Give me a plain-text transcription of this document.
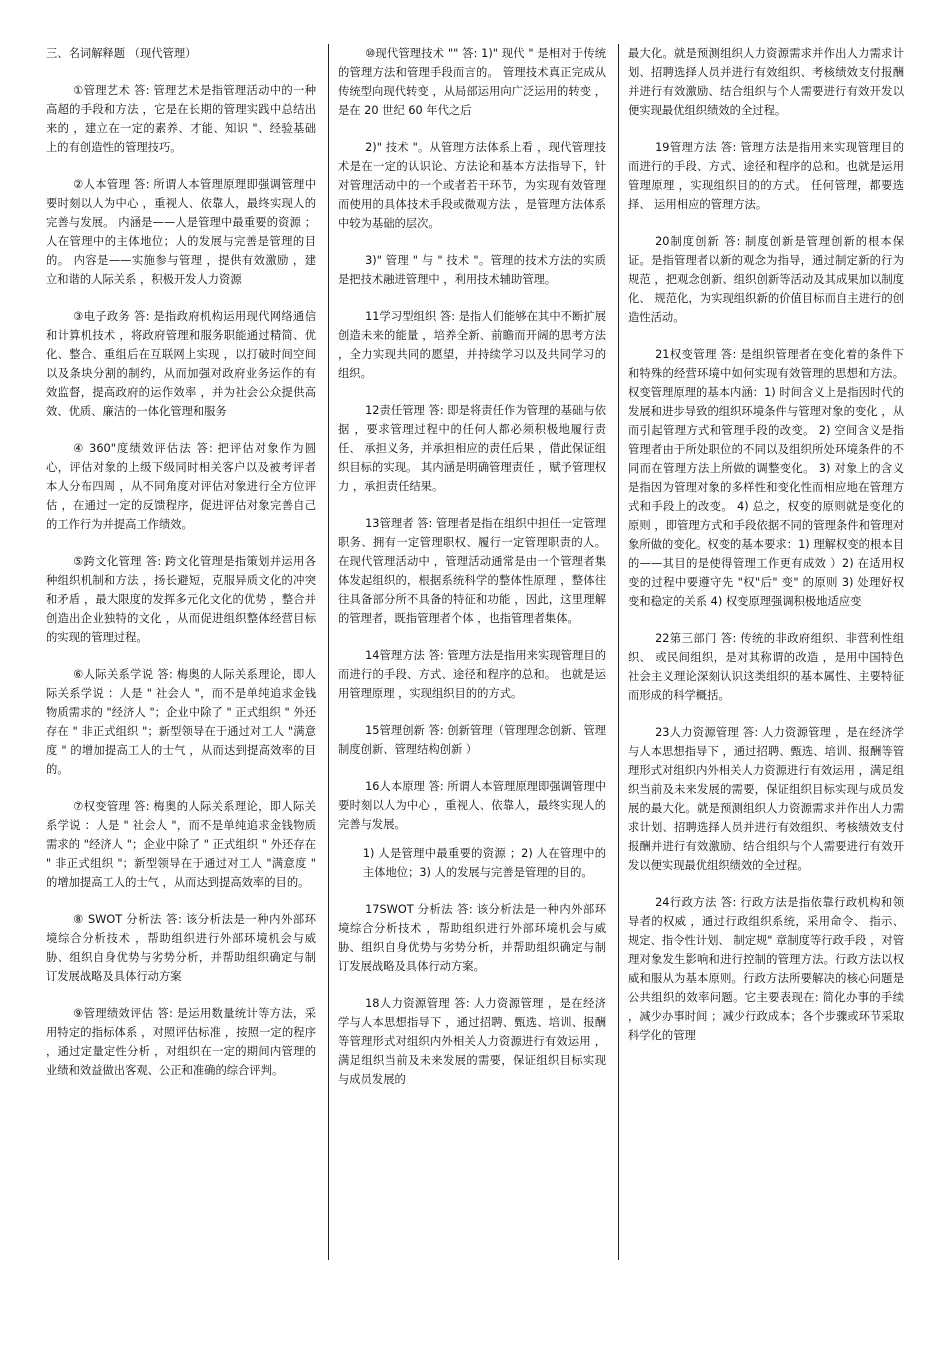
三、名词解释题 （现代管理）

①管理艺术 答: 管理艺术是指管理活动中的一种高超的手段和方法 ，它是在长期的管理实践中总结出来的 ，建立在一定的素养、才能、知识 "、经验基础上的有创造性的管理技巧。

②人本管理 答: 所谓人本管理原理即强调管理中要时刻以人为中心 ，重视人、依靠人，最终实现人的完善与发展。 内涵是——人是管理中最重要的资源 ；人在管理中的主体地位；人的发展与完善是管理的目的。 内容是——实施参与管理 ，提供有效激励 ，建立和谐的人际关系 ，积极开发人力资源

③电子政务 答: 是指政府机构运用现代网络通信和计算机技术 ，将政府管理和服务职能通过精简、优化、整合、重组后在互联网上实现 ，以打破时间空间以及条块分割的制约，从而加强对政府业务运作的有效监督，提高政府的运作效率 ，并为社会公众提供高效、优质、廉洁的一体化管理和服务

④ 360"度绩效评估法 答: 把评估对象作为圆心，评估对象的上级下级同时相关客户以及被考评者本人分布四周 ，从不同角度对评估对象进行全方位评估 ，在通过一定的反馈程序，促进评估对象完善自己的工作行为并提高工作绩效。

⑤跨文化管理 答: 跨文化管理是指策划并运用各种组织机制和方法 ，扬长避短，克服异质文化的冲突和矛盾 ，最大限度的发挥多元化文化的优势 ，整合并创造出企业独特的文化 ，从而促进组织整体经营目标的实现的管理过程。

⑥人际关系学说 答: 梅奥的人际关系理论，即人际关系学说 ：人是 " 社会人 "，而不是单纯追求金钱物质需求的 "经济人 "；企业中除了 " 正式组织 " 外还存在 " 非正式组织 "；新型领导在于通过对工人 "满意度 " 的增加提高工人的士气 ，从而达到提高效率的目的。

⑦权变管理 答: 梅奥的人际关系理论，即人际关系学说 ：人是 " 社会人 "，而不是单纯追求金钱物质需求的 "经济人 "；企业中除了 " 正式组织 " 外还存在 " 非正式组织 "；新型领导在于通过对工人 "满意度 " 的增加提高工人的士气 ，从而达到提高效率的目的。

⑧ SWOT 分析法 答: 该分析法是一种内外部环境综合分析技术 ，帮助组织进行外部环境机会与威胁、组织自身优势与劣势分析，并帮助组织确定与制订发展战略及具体行动方案

⑨管理绩效评估 答: 是运用数量统计等方法，采用特定的指标体系 ，对照评估标准 ，按照一定的程序 ，通过定量定性分析 ，对组织在一定的期间内管理的业绩和效益做出客观、公正和准确的综合评判。

⑩现代管理技术 "" 答: 1)" 现代 " 是相对于传统的管理方法和管理手段而言的。 管理技术真正完成从传统型向现代转变 ，从局部运用向广泛运用的转变 ，是在 20 世纪 60 年代之后

2)" 技术 "。从管理方法体系上看 ，现代管理技术是在一定的认识论、方法论和基本方法指导下，针对管理活动中的一个或者若干环节，为实现有效管理而使用的具体技术手段或微观方法 ，是管理方法体系中较为基础的层次。

3)" 管理 " 与 " 技术 "。管理的技术方法的实质是把技术融进管理中 ，利用技术辅助管理。

11学习型组织 答: 是指人们能够在其中不断扩展创造未来的能量 ，培养全新、前瞻而开阔的思考方法 ，全力实现共同的愿望，并持续学习以及共同学习的组织。

12责任管理 答: 即是将责任作为管理的基础与依据 ，要求管理过程中的任何人都必须积极地履行责任、 承担义务，并承担相应的责任后果 ，借此保证组织目标的实现。 其内涵是明确管理责任 ，赋予管理权力 ，承担责任结果。

13管理者 答: 管理者是指在组织中担任一定管理职务、拥有一定管理职权、履行一定管理职责的人。 在现代管理活动中 ，管理活动通常是由一个管理者集体发起组织的，根据系统科学的整体性原理 ，整体往往具备部分所不具备的特征和功能 ，因此，这里理解的管理者，既指管理者个体 ，也指管理者集体。

14管理方法 答: 管理方法是指用来实现管理目的而进行的手段、方式、途径和程序的总和。 也就是运用管理原理 ，实现组织目的的方式。

15管理创新 答: 创新管理（管理理念创新、管理制度创新、管理结构创新 ）

16人本原理 答: 所谓人本管理原理即强调管理中要时刻以人为中心 ，重视人、依靠人，最终实现人的完善与发展。

1) 人是管理中最重要的资源 ；2) 人在管理中的主体地位；3) 人的发展与完善是管理的目的。

17SWOT 分析法 答: 该分析法是一种内外部环境综合分析技术 ，帮助组织进行外部环境机会与威胁、组织自身优势与劣势分析，并帮助组织确定与制订发展战略及具体行动方案。

18人力资源管理 答: 人力资源管理 ，是在经济学与人本思想指导下 ，通过招聘、甄选、培训、报酬等管理形式对组织内外相关人力资源进行有效运用 ，满足组织当前及未来发展的需要，保证组织目标实现与成员发展的

最大化。就是预测组织人力资源需求并作出人力需求计划、招聘选择人员并进行有效组织、考核绩效支付报酬并进行有效激励、结合组织与个人需要进行有效开发以便实现最优组织绩效的全过程。

19管理方法 答: 管理方法是指用来实现管理目的而进行的手段、方式、途径和程序的总和。也就是运用管理原理 ，实现组织目的的方式。 任何管理，都要选择、 运用相应的管理方法。

20制度创新 答: 制度创新是管理创新的根本保证。是指管理者以新的观念为指导，通过制定新的行为规范 ，把观念创新、组织创新等活动及其成果加以制度化、 规范化，为实现组织新的价值目标而自主进行的创造性活动。

21权变管理 答: 是组织管理者在变化着的条件下和特殊的经营环境中如何实现有效管理的思想和方法。权变管理原理的基本内涵：1) 时间含义上是指因时代的发展和进步导致的组织环境条件与管理对象的变化 ，从而引起管理方式和管理手段的改变。 2) 空间含义是指管理者由于所处职位的不同以及组织所处环境条件的不同而在管理方法上所做的调整变化。 3) 对象上的含义是指因为管理对象的多样性和变化性而相应地在管理方式和手段上的改变。 4) 总之，权变的原则就是变化的原则 ，即管理方式和手段依据不同的管理条件和管理对象所做的变化。权变的基本要求：1) 理解权变的根本目的——其目的是使得管理工作更有成效 ）2) 在适用权变的过程中要遵守先 "权"后" 变" 的原则 3) 处理好权变和稳定的关系 4) 权变原理强调积极地适应变

22第三部门 答: 传统的非政府组织、非营利性组织、 或民间组织，是对其称谓的改造 ，是用中国特色社会主义理论深刻认识这类组织的基本属性、主要特征而形成的科学概括。

23人力资源管理 答: 人力资源管理 ，是在经济学与人本思想指导下 ，通过招聘、甄选、培训、报酬等管理形式对组织内外相关人力资源进行有效运用 ，满足组织当前及未来发展的需要，保证组织目标实现与成员发展的最大化。就是预测组织人力资源需求并作出人力需求计划、招聘选择人员并进行有效组织、考核绩效支付报酬并进行有效激励、结合组织与个人需要进行有效开发以便实现最优组织绩效的全过程。

24行政方法 答: 行政方法是指依靠行政机构和领导者的权威 ，通过行政组织系统，采用命令、 指示、规定、指令性计划、 制定规" 章制度等行政手段 ，对管理对象发生影响和进行控制的管理方法。行政方法以权威和服从为基本原则。行政方法所要解决的核心问题是公共组织的效率问题。它主要表现在: 简化办事的手续 ，减少办事时间 ；减少行政成本；各个步骤或环节采取科学化的管理
